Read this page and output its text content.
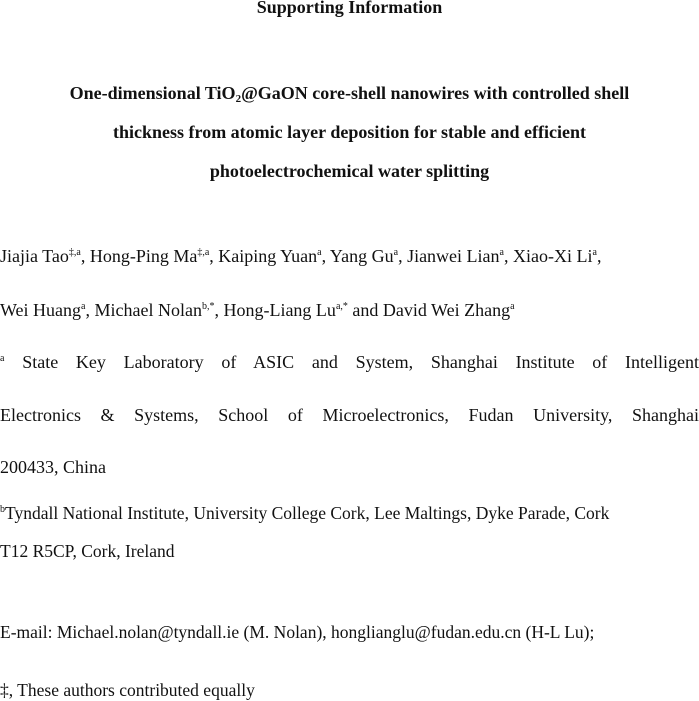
Supporting Information
One-dimensional TiO$_2$@GaON core-shell nanowires with controlled shell
thickness from atomic layer deposition for stable and efficient
photoelectrochemical water splitting
Jiajia Tao$^{\ddagger,a}$, Hong-Ping $Ma^{\ddagger,a}$, Kaiping Yuan$^a$, Yang Gu$^a$, Jianwei Lian$^a$, Xiao-Xi Li$^a$,
Wei Huang$^a$, Michael Nolan$^{b,*}$, Hong-Liang $Lu^{a,*}$ and David Wei Zhang$^a$
$^a$ State Key Laboratory of ASIC and System, Shanghai Institute of Intelligent
Electronics & Systems, School of Microelectronics, Fudan University, Shanghai
200433, China
$^b$Tyndall National Institute, University College Cork, Lee Maltings, Dyke Parade, Cork
T12 R5CP, Cork, Ireland
E-mail: Michael.nolan@tyndall.ie (M. Nolan), honglianglu@fudan.edu.cn (H-L Lu);
‡, These authors contributed equally
